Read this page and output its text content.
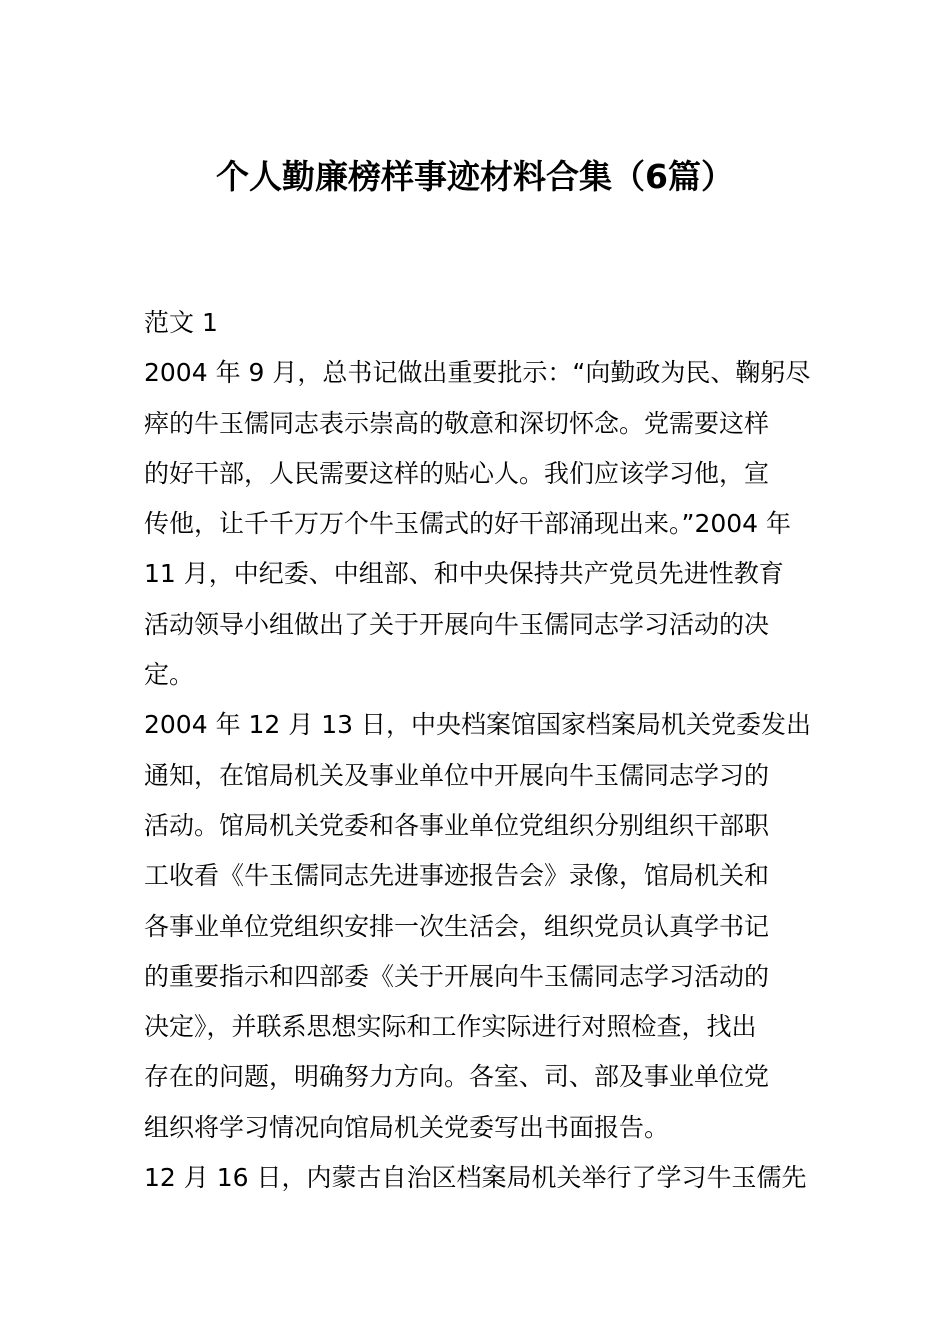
个人勤廉榜样事迹材料合集（6篇）
范文 1
2004 年 9 月，总书记做出重要批示：“向勤政为民、鞠躬尽
瘁的牛玉儒同志表示崇高的敬意和深切怀念。党需要这样
的好干部，人民需要这样的贴心人。我们应该学习他，宣
传他，让千千万万个牛玉儒式的好干部涌现出来。”2004 年
11 月，中纪委、中组部、和中央保持共产党员先进性教育
活动领导小组做出了关于开展向牛玉儒同志学习活动的决
定。
2004 年 12 月 13 日，中央档案馆国家档案局机关党委发出
通知，在馆局机关及事业单位中开展向牛玉儒同志学习的
活动。馆局机关党委和各事业单位党组织分别组织干部职
工收看《牛玉儒同志先进事迹报告会》录像，馆局机关和
各事业单位党组织安排一次生活会，组织党员认真学书记
的重要指示和四部委《关于开展向牛玉儒同志学习活动的
决定》，并联系思想实际和工作实际进行对照检查，找出
存在的问题，明确努力方向。各室、司、部及事业单位党
组织将学习情况向馆局机关党委写出书面报告。
12 月 16 日，内蒙古自治区档案局机关举行了学习牛玉儒先
